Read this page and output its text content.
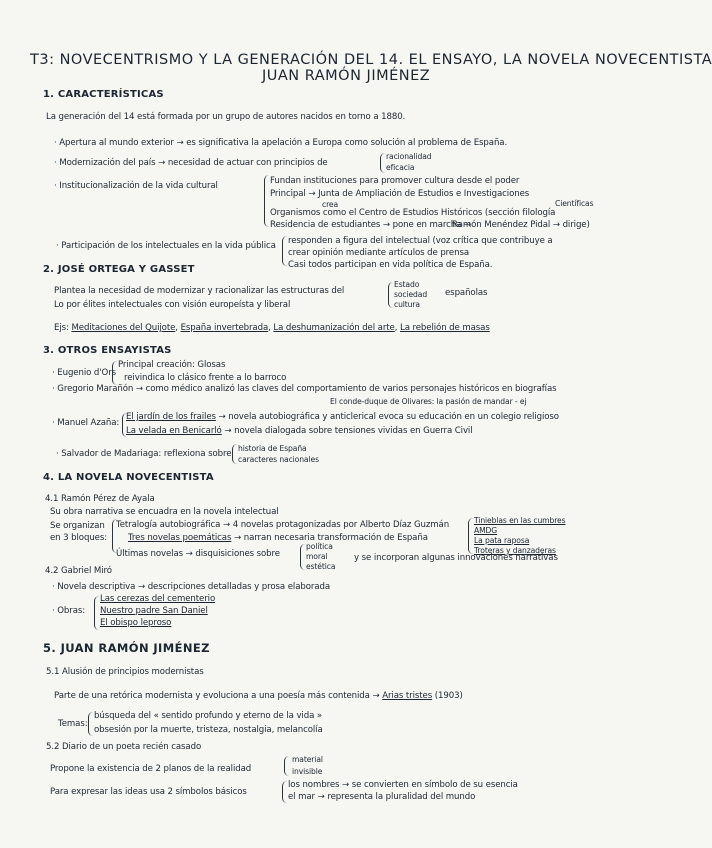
T3: NOVECENTRISMO Y LA GENERACIÓN DEL 14. EL ENSAYO, LA NOVELA NOVECENTISTA
JUAN RAMÓN JIMÉNEZ
1. CARACTERÍSTICAS
La generación del 14 está formada por un grupo de autores nacidos en torno a 1880.
· Apertura al mundo exterior → es significativa la apelación a Europa como solución al problema de España.
· Modernización del país → necesidad de actuar con principios de
racionalidad
eficacia
· Institucionalización de la vida cultural	Fundan instituciones para promover cultura desde el poder
Principal → Junta de Ampliación de Estudios e Investigaciones
Científicas
crea
Organismos como el Centro de Estudios Históricos (sección filología
Residencia de estudiantes → pone en marcha →
Ramón Menéndez Pidal → dirige)
· Participación de los intelectuales en la vida pública responden a figura del intelectual (voz crítica que contribuye a
crear opinión mediante artículos de prensa
Casi todos participan en vida política de España.
2. JOSÉ ORTEGA Y GASSET
Plantea la necesidad de modernizar y racionalizar las estructuras del
Estado
sociedad
cultura
españolas
Lo por élites intelectuales con visión europeísta y liberal
Ejs: Meditaciones del Quijote, España invertebrada, La deshumanización del arte, La rebelión de masas
3. OTROS ENSAYISTAS
· Eugenio d'Ors
Principal creación: Glosas
reivindica lo clásico frente a lo barroco
· Gregorio Marañón → como médico analizó las claves del comportamiento de varios personajes históricos en biografías
El conde-duque de Olivares: la pasión de mandar - ej
· Manuel Azaña:
El jardín de los frailes → novela autobiográfica y anticlerical evoca su educación en un colegio religioso
La velada en Benicarló → novela dialogada sobre tensiones vividas en Guerra Civil
· Salvador de Madariaga: reflexiona sobre
historia de España
caracteres nacionales
4. LA NOVELA NOVECENTISTA
4.1 Ramón Pérez de Ayala
Su obra narrativa se encuadra en la novela intelectual
Se organizan
en 3 bloques:
Tetralogía autobiográfica → 4 novelas protagonizadas por Alberto Díaz Guzmán
Tres novelas poemáticas → narran necesaria transformación de España
Últimas novelas → disquisiciones sobre
política
moral
estética
y se incorporan algunas innovaciones narrativas
Tinieblas en las cumbres
AMDG
La pata raposa
Troteras y danzaderas
4.2 Gabriel Miró
· Novela descriptiva → descripciones detalladas y prosa elaborada
· Obras:
Las cerezas del cementerio
Nuestro padre San Daniel
El obispo leproso
5. JUAN RAMÓN JIMÉNEZ
5.1 Alusión de principios modernistas
Parte de una retórica modernista y evoluciona a una poesía más contenida → Arias tristes (1903)
Temas:
búsqueda del « sentido profundo y eterno de la vida »
obsesión por la muerte, tristeza, nostalgia, melancolía
5.2 Diario de un poeta recién casado
Propone la existencia de 2 planos de la realidad
material
invisible
Para expresar las ideas usa 2 símbolos básicos
los nombres → se convierten en símbolo de su esencia
el mar → representa la pluralidad del mundo
